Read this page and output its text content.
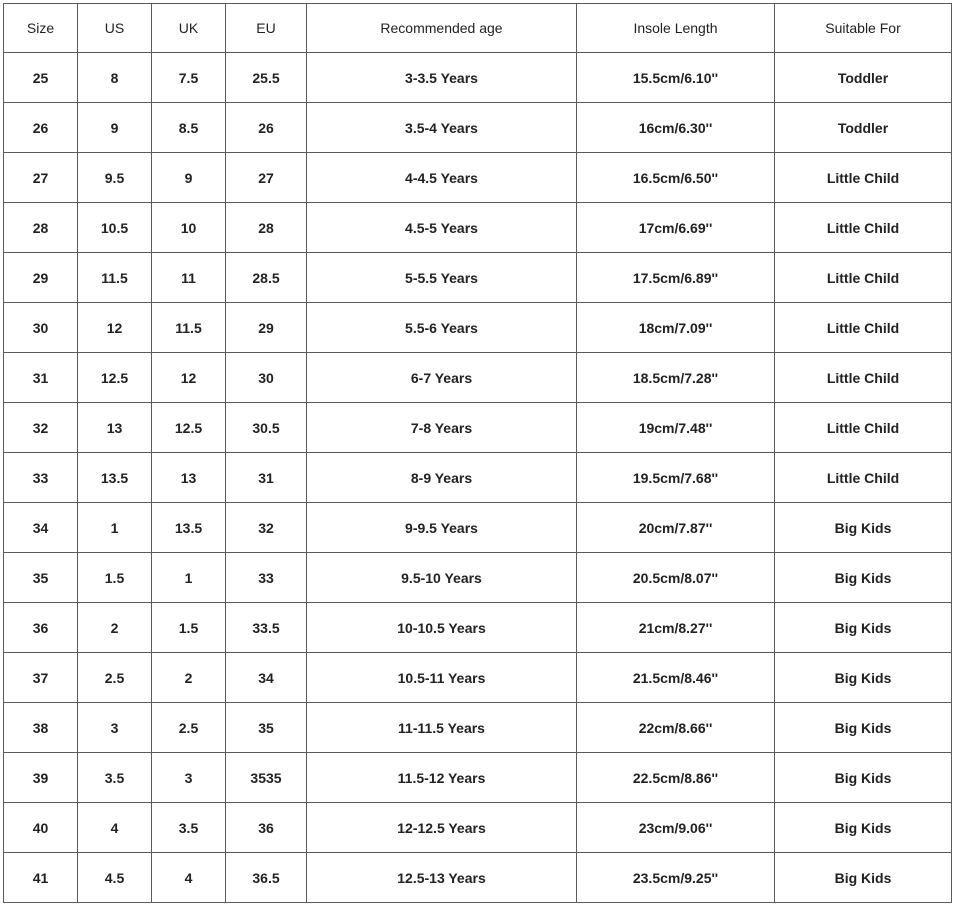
Size	US	UK	EU	Recommended age	Insole Length	Suitable For
25	8	7.5	25.5	3-3.5 Years	15.5cm/6.10''	Toddler
26	9	8.5	26	3.5-4 Years	16cm/6.30''	Toddler
27	9.5	9	27	4-4.5 Years	16.5cm/6.50''	Little Child
28	10.5	10	28	4.5-5 Years	17cm/6.69''	Little Child
29	11.5	11	28.5	5-5.5 Years	17.5cm/6.89''	Little Child
30	12	11.5	29	5.5-6 Years	18cm/7.09''	Little Child
31	12.5	12	30	6-7 Years	18.5cm/7.28''	Little Child
32	13	12.5	30.5	7-8 Years	19cm/7.48''	Little Child
33	13.5	13	31	8-9 Years	19.5cm/7.68''	Little Child
34	1	13.5	32	9-9.5 Years	20cm/7.87''	Big Kids
35	1.5	1	33	9.5-10 Years	20.5cm/8.07''	Big Kids
36	2	1.5	33.5	10-10.5 Years	21cm/8.27''	Big Kids
37	2.5	2	34	10.5-11 Years	21.5cm/8.46''	Big Kids
38	3	2.5	35	11-11.5 Years	22cm/8.66''	Big Kids
39	3.5	3	3535	11.5-12 Years	22.5cm/8.86''	Big Kids
40	4	3.5	36	12-12.5 Years	23cm/9.06''	Big Kids
41	4.5	4	36.5	12.5-13 Years	23.5cm/9.25''	Big Kids
